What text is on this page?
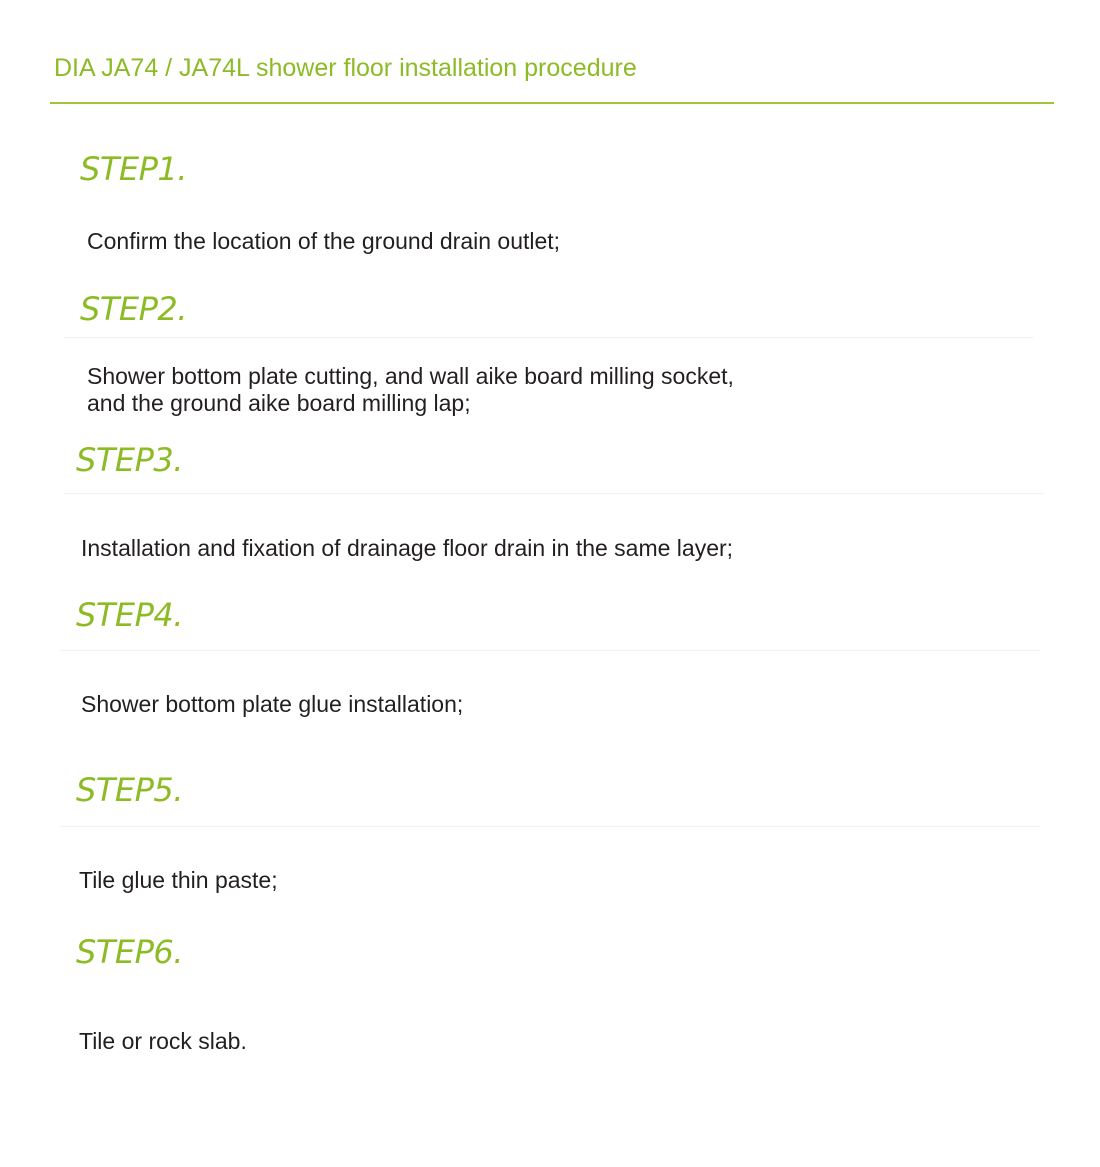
DIA JA74 / JA74L shower floor installation procedure
STEP1.
Confirm the location of the ground drain outlet;
STEP2.
Shower bottom plate cutting, and wall aike board milling socket,
and the ground aike board milling lap;
STEP3.
Installation and fixation of drainage floor drain in the same layer;
STEP4.
Shower bottom plate glue installation;
STEP5.
Tile glue thin paste;
STEP6.
Tile or rock slab.
